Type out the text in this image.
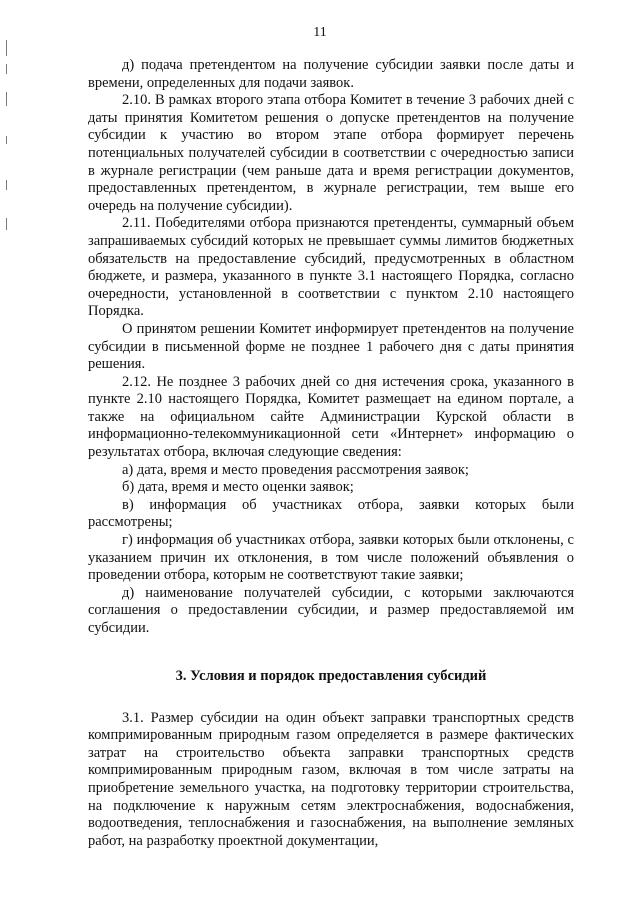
11

д) подача претендентом на получение субсидии заявки после даты и времени, определенных для подачи заявок.

2.10. В рамках второго этапа отбора Комитет в течение 3 рабочих дней с даты принятия Комитетом решения о допуске претендентов на получение субсидии к участию во втором этапе отбора формирует перечень потенциальных получателей субсидии в соответствии с очередностью записи в журнале регистрации (чем раньше дата и время регистрации документов, предоставленных претендентом, в журнале регистрации, тем выше его очередь на получение субсидии).

2.11. Победителями отбора признаются претенденты, суммарный объем запрашиваемых субсидий которых не превышает суммы лимитов бюджетных обязательств на предоставление субсидий, предусмотренных в областном бюджете, и размера, указанного в пункте 3.1 настоящего Порядка, согласно очередности, установленной в соответствии с пунктом 2.10 настоящего Порядка.

О принятом решении Комитет информирует претендентов на получение субсидии в письменной форме не позднее 1 рабочего дня с даты принятия решения.

2.12. Не позднее 3 рабочих дней со дня истечения срока, указанного в пункте 2.10 настоящего Порядка, Комитет размещает на едином портале, а также на официальном сайте Администрации Курской области в информационно-телекоммуникационной сети «Интернет» информацию о результатах отбора, включая следующие сведения:

а) дата, время и место проведения рассмотрения заявок;

б) дата, время и место оценки заявок;

в) информация об участниках отбора, заявки которых были рассмотрены;

г) информация об участниках отбора, заявки которых были отклонены, с указанием причин их отклонения, в том числе положений объявления о проведении отбора, которым не соответствуют такие заявки;

д) наименование получателей субсидии, с которыми заключаются соглашения о предоставлении субсидии, и размер предоставляемой им субсидии.

3. Условия и порядок предоставления субсидий

3.1. Размер субсидии на один объект заправки транспортных средств компримированным природным газом определяется в размере фактических затрат на строительство объекта заправки транспортных средств компримированным природным газом, включая в том числе затраты на приобретение земельного участка, на подготовку территории строительства, на подключение к наружным сетям электроснабжения, водоснабжения, водоотведения, теплоснабжения и газоснабжения, на выполнение земляных работ, на разработку проектной документации,
